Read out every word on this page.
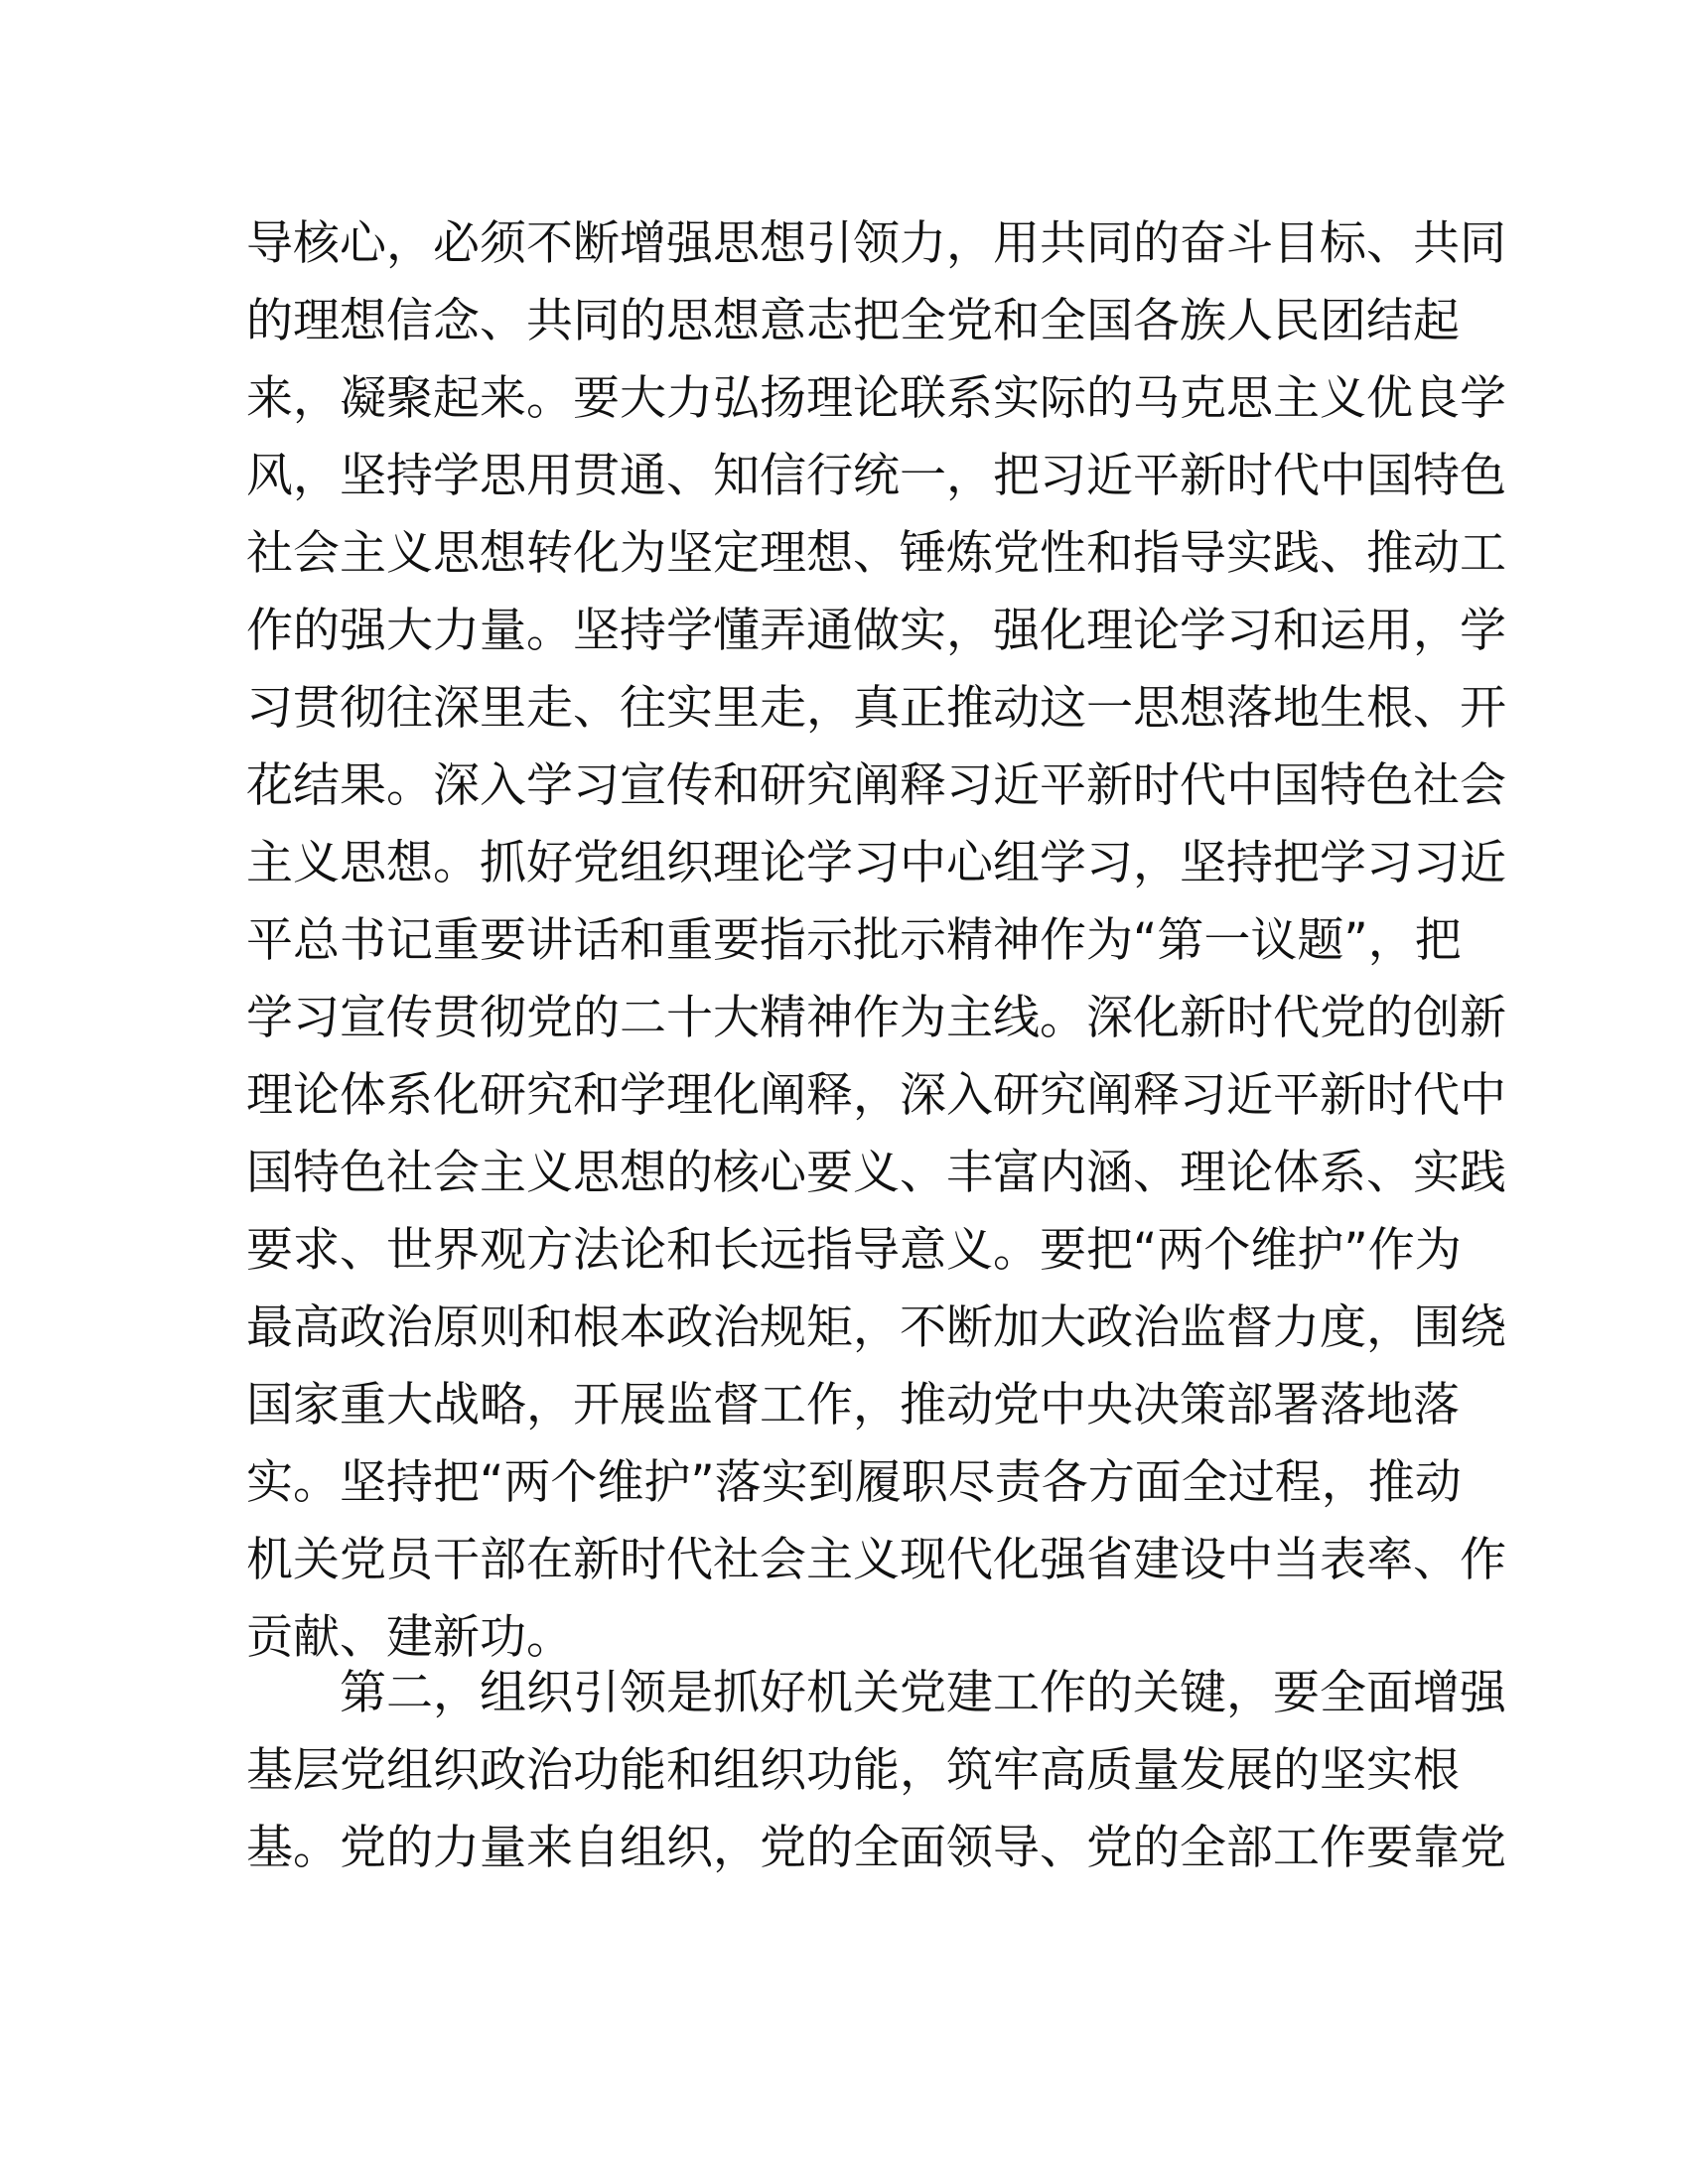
导核心，必须不断增强思想引领力，用共同的奋斗目标、共同
的理想信念、共同的思想意志把全党和全国各族人民团结起
来，凝聚起来。要大力弘扬理论联系实际的马克思主义优良学
风，坚持学思用贯通、知信行统一，把习近平新时代中国特色
社会主义思想转化为坚定理想、锤炼党性和指导实践、推动工
作的强大力量。坚持学懂弄通做实，强化理论学习和运用，学
习贯彻往深里走、往实里走，真正推动这一思想落地生根、开
花结果。深入学习宣传和研究阐释习近平新时代中国特色社会
主义思想。抓好党组织理论学习中心组学习，坚持把学习习近
平总书记重要讲话和重要指示批示精神作为“第一议题”，把
学习宣传贯彻党的二十大精神作为主线。深化新时代党的创新
理论体系化研究和学理化阐释，深入研究阐释习近平新时代中
国特色社会主义思想的核心要义、丰富内涵、理论体系、实践
要求、世界观方法论和长远指导意义。要把“两个维护”作为
最高政治原则和根本政治规矩，不断加大政治监督力度，围绕
国家重大战略，开展监督工作，推动党中央决策部署落地落
实。坚持把“两个维护”落实到履职尽责各方面全过程，推动
机关党员干部在新时代社会主义现代化强省建设中当表率、作
贡献、建新功。
第二，组织引领是抓好机关党建工作的关键，要全面增强
基层党组织政治功能和组织功能，筑牢高质量发展的坚实根
基。党的力量来自组织，党的全面领导、党的全部工作要靠党
